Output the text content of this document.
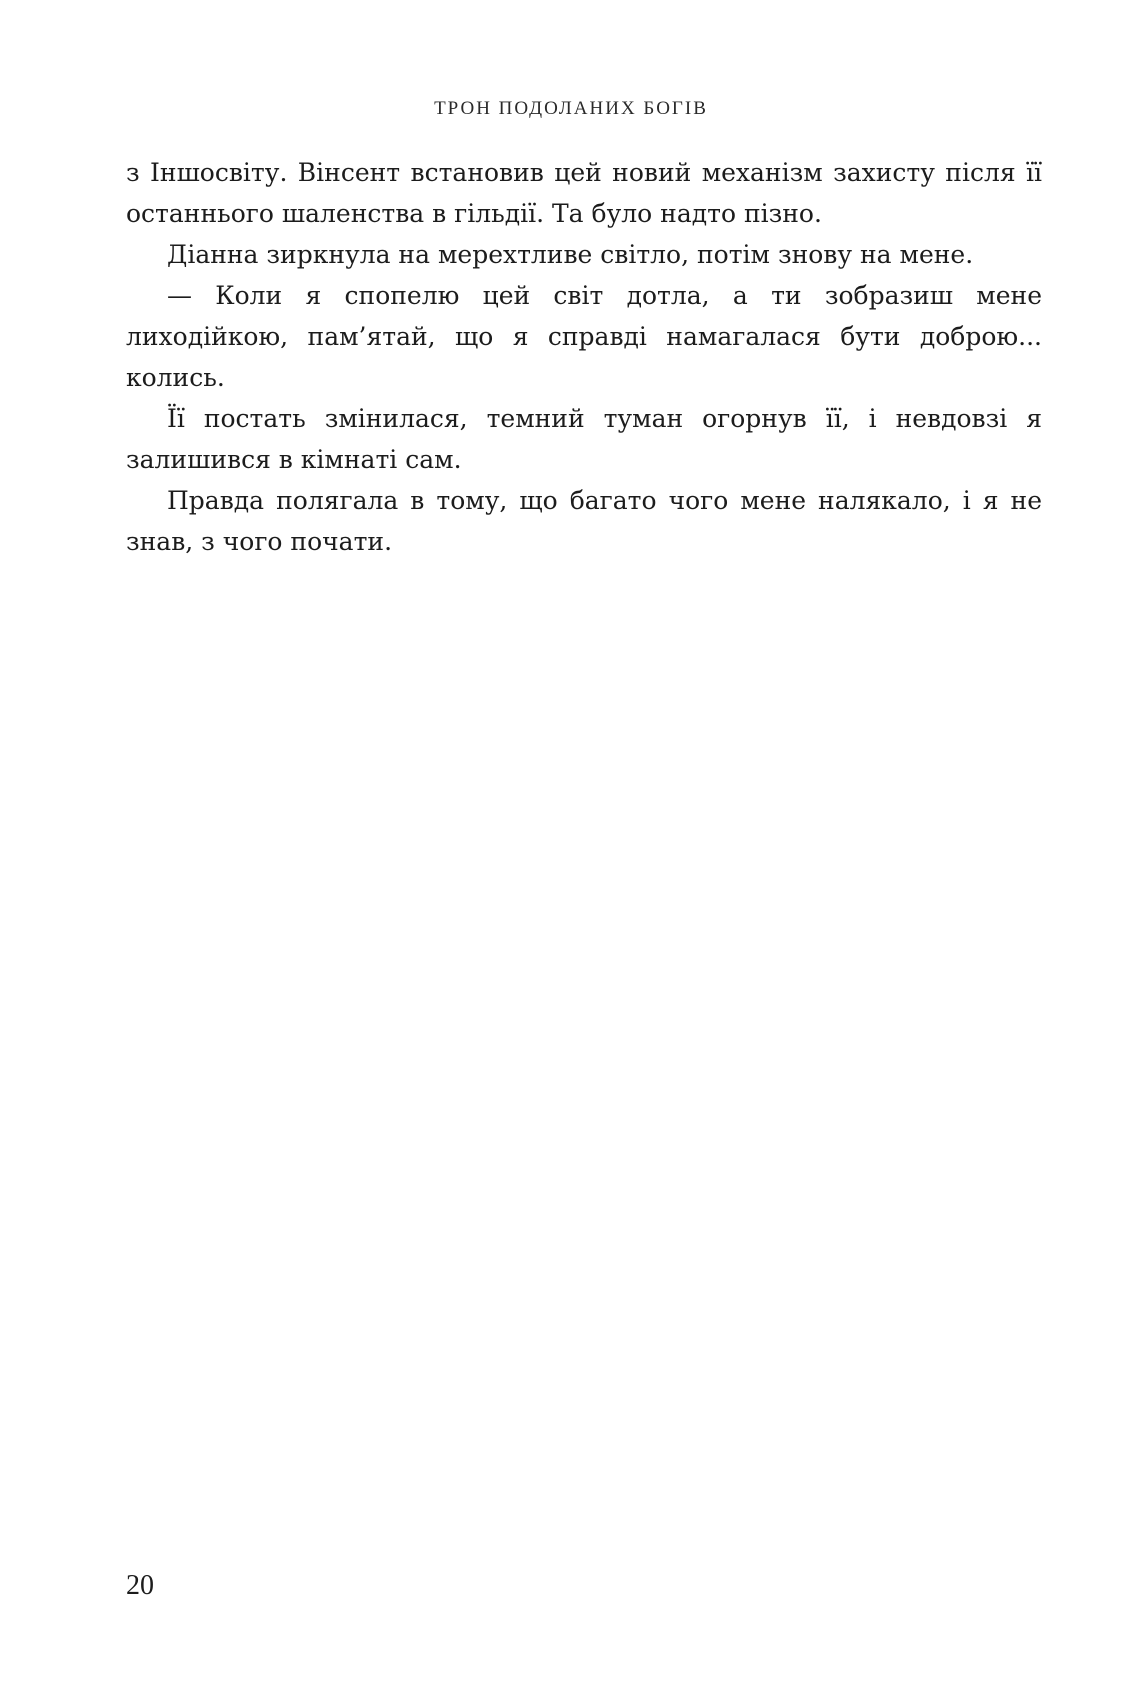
ТРОН ПОДОЛАНИХ БОГІВ

з Іншосвіту. Вінсент встановив цей новий механізм захисту після її останнього шаленства в гільдії. Та було надто пізно.

Діанна зиркнула на мерехтливе світло, потім знову на мене.

— Коли я спопелю цей світ дотла, а ти зобразиш мене лиходійкою, пам’ятай, що я справді намагалася бути доброю... колись.

Її постать змінилася, темний туман огорнув її, і невдовзі я залишився в кімнаті сам.

Правда полягала в тому, що багато чого мене налякало, і я не знав, з чого почати.

20
